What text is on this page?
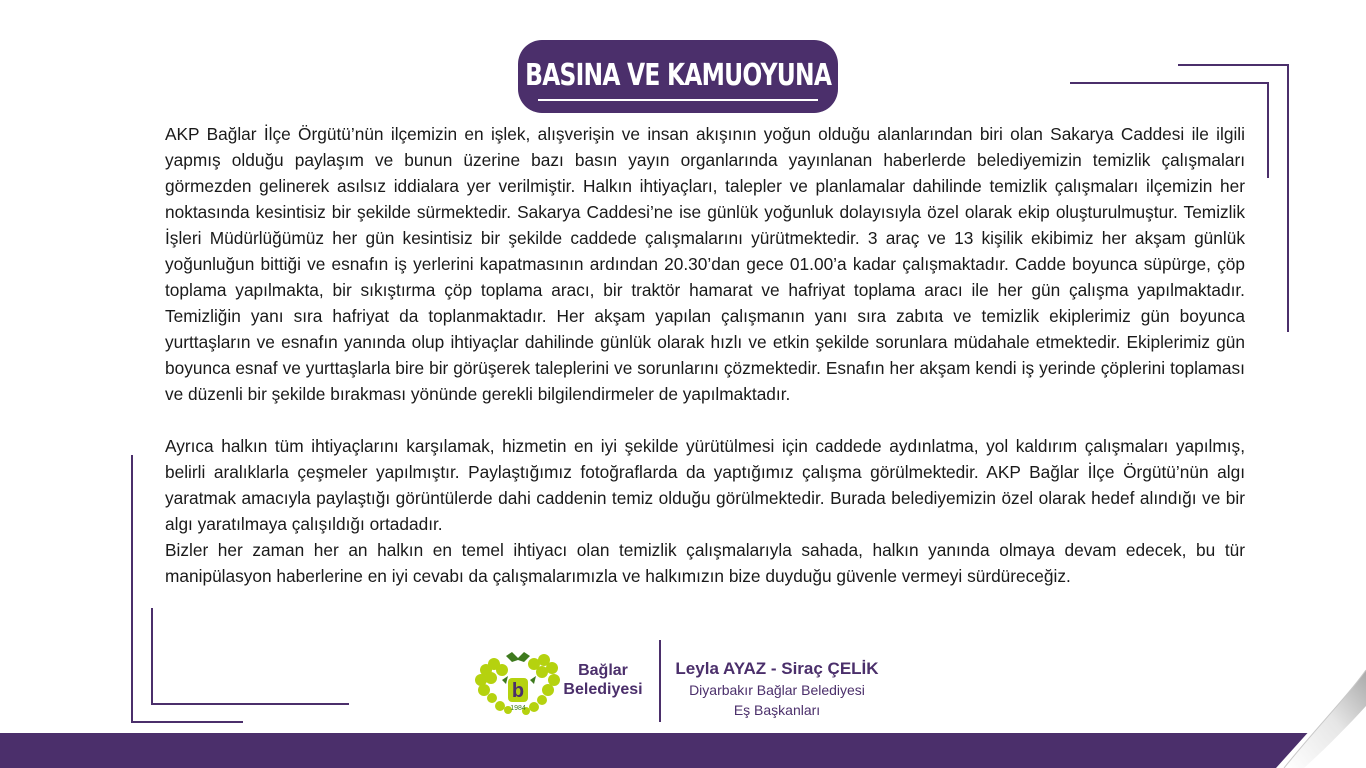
BASINA VE KAMUOYUNA

AKP Bağlar İlçe Örgütü’nün ilçemizin en işlek, alışverişin ve insan akışının yoğun olduğu alanlarından biri olan Sakarya Caddesi ile ilgili yapmış olduğu paylaşım ve bunun üzerine bazı basın yayın organlarında yayınlanan haberlerde belediyemizin temizlik çalışmaları görmezden gelinerek asılsız iddialara yer verilmiştir. Halkın ihtiyaçları, talepler ve planlamalar dahilinde temizlik çalışmaları ilçemizin her noktasında kesintisiz bir şekilde sürmektedir. Sakarya Caddesi’ne ise günlük yoğunluk dolayısıyla özel olarak ekip oluşturulmuştur. Temizlik İşleri Müdürlüğümüz her gün kesintisiz bir şekilde caddede çalışmalarını yürütmektedir. 3 araç ve 13 kişilik ekibimiz her akşam günlük yoğunluğun bittiği ve esnafın iş yerlerini kapatmasının ardından 20.30’dan gece 01.00’a kadar çalışmaktadır. Cadde boyunca süpürge, çöp toplama yapılmakta, bir sıkıştırma çöp toplama aracı, bir traktör hamarat ve hafriyat toplama aracı ile her gün çalışma yapılmaktadır. Temizliğin yanı sıra hafriyat da toplanmaktadır. Her akşam yapılan çalışmanın yanı sıra zabıta ve temizlik ekiplerimiz gün boyunca yurttaşların ve esnafın yanında olup ihtiyaçlar dahilinde günlük olarak hızlı ve etkin şekilde sorunlara müdahale etmektedir. Ekiplerimiz gün boyunca esnaf ve yurttaşlarla bire bir görüşerek taleplerini ve sorunlarını çözmektedir. Esnafın her akşam kendi iş yerinde çöplerini toplaması ve düzenli bir şekilde bırakması yönünde gerekli bilgilendirmeler de yapılmaktadır.

Ayrıca halkın tüm ihtiyaçlarını karşılamak, hizmetin en iyi şekilde yürütülmesi için caddede aydınlatma, yol kaldırım çalışmaları yapılmış, belirli aralıklarla çeşmeler yapılmıştır. Paylaştığımız fotoğraflarda da yaptığımız çalışma görülmektedir. AKP Bağlar İlçe Örgütü’nün algı yaratmak amacıyla paylaştığı görüntülerde dahi caddenin temiz olduğu görülmektedir. Burada belediyemizin özel olarak hedef alındığı ve bir algı yaratılmaya çalışıldığı ortadadır.

Bizler her zaman her an halkın en temel ihtiyacı olan temizlik çalışmalarıyla sahada, halkın yanında olmaya devam edecek, bu tür manipülasyon haberlerine en iyi cevabı da çalışmalarımızla ve halkımızın bize duyduğu güvenle vermeyi sürdüreceğiz.

b
1984
Bağlar
Belediyesi
Leyla AYAZ - Siraç ÇELİK
Diyarbakır Bağlar Belediyesi
Eş Başkanları
